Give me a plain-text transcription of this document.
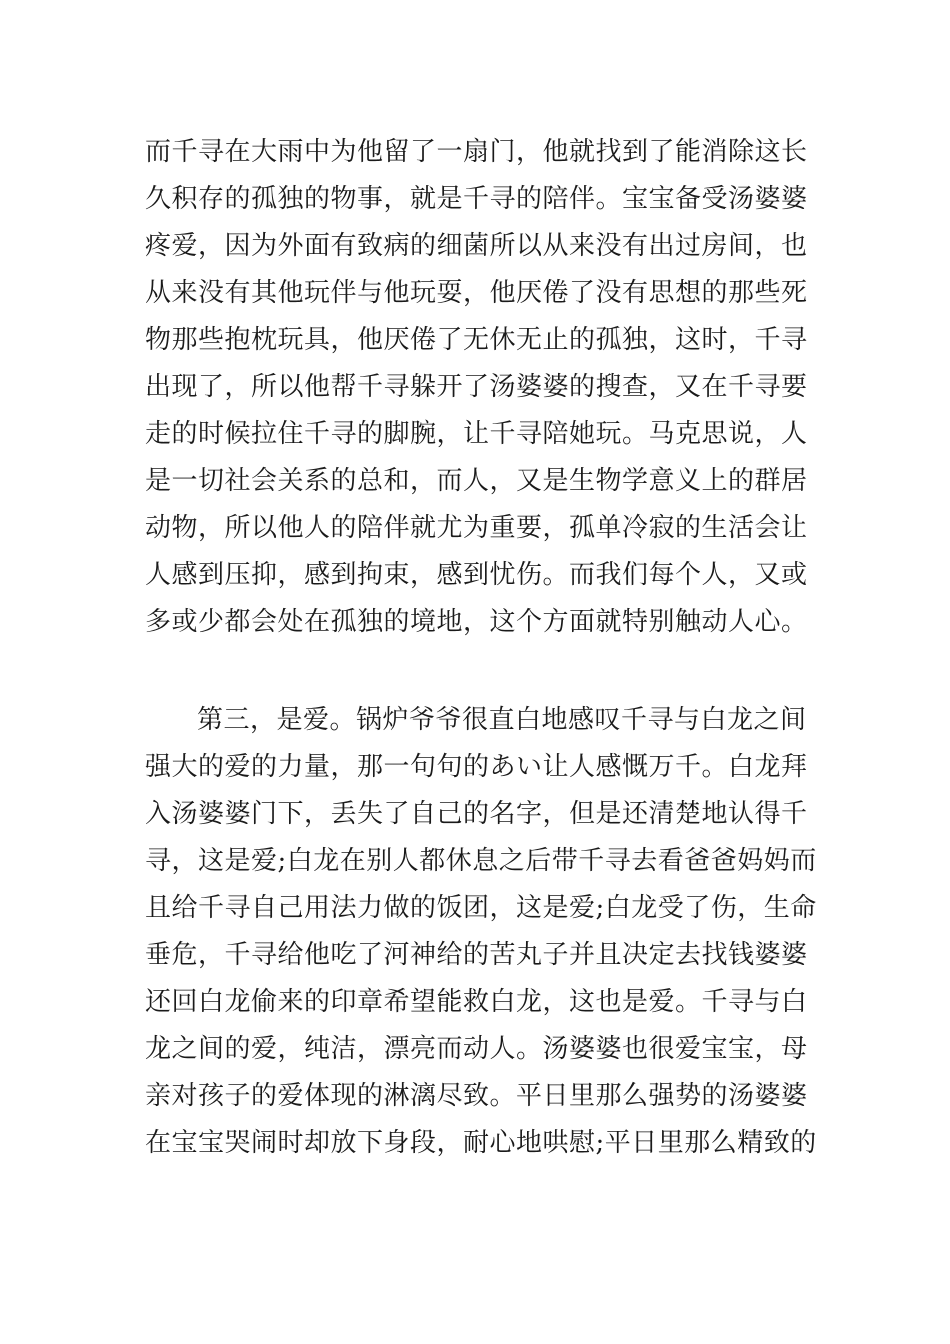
而千寻在大雨中为他留了一扇门，他就找到了能消除这长
久积存的孤独的物事，就是千寻的陪伴。宝宝备受汤婆婆
疼爱，因为外面有致病的细菌所以从来没有出过房间，也
从来没有其他玩伴与他玩耍，他厌倦了没有思想的那些死
物那些抱枕玩具，他厌倦了无休无止的孤独，这时，千寻
出现了，所以他帮千寻躲开了汤婆婆的搜查，又在千寻要
走的时候拉住千寻的脚腕，让千寻陪她玩。马克思说，人
是一切社会关系的总和，而人，又是生物学意义上的群居
动物，所以他人的陪伴就尤为重要，孤单冷寂的生活会让
人感到压抑，感到拘束，感到忧伤。而我们每个人，又或
多或少都会处在孤独的境地，这个方面就特别触动人心。
第三，是爱。锅炉爷爷很直白地感叹千寻与白龙之间
强大的爱的力量，那一句句的あい让人感慨万千。白龙拜
入汤婆婆门下，丢失了自己的名字，但是还清楚地认得千
寻，这是爱;白龙在别人都休息之后带千寻去看爸爸妈妈而
且给千寻自己用法力做的饭团，这是爱;白龙受了伤，生命
垂危，千寻给他吃了河神给的苦丸子并且决定去找钱婆婆
还回白龙偷来的印章希望能救白龙，这也是爱。千寻与白
龙之间的爱，纯洁，漂亮而动人。汤婆婆也很爱宝宝，母
亲对孩子的爱体现的淋漓尽致。平日里那么强势的汤婆婆
在宝宝哭闹时却放下身段，耐心地哄慰;平日里那么精致的
